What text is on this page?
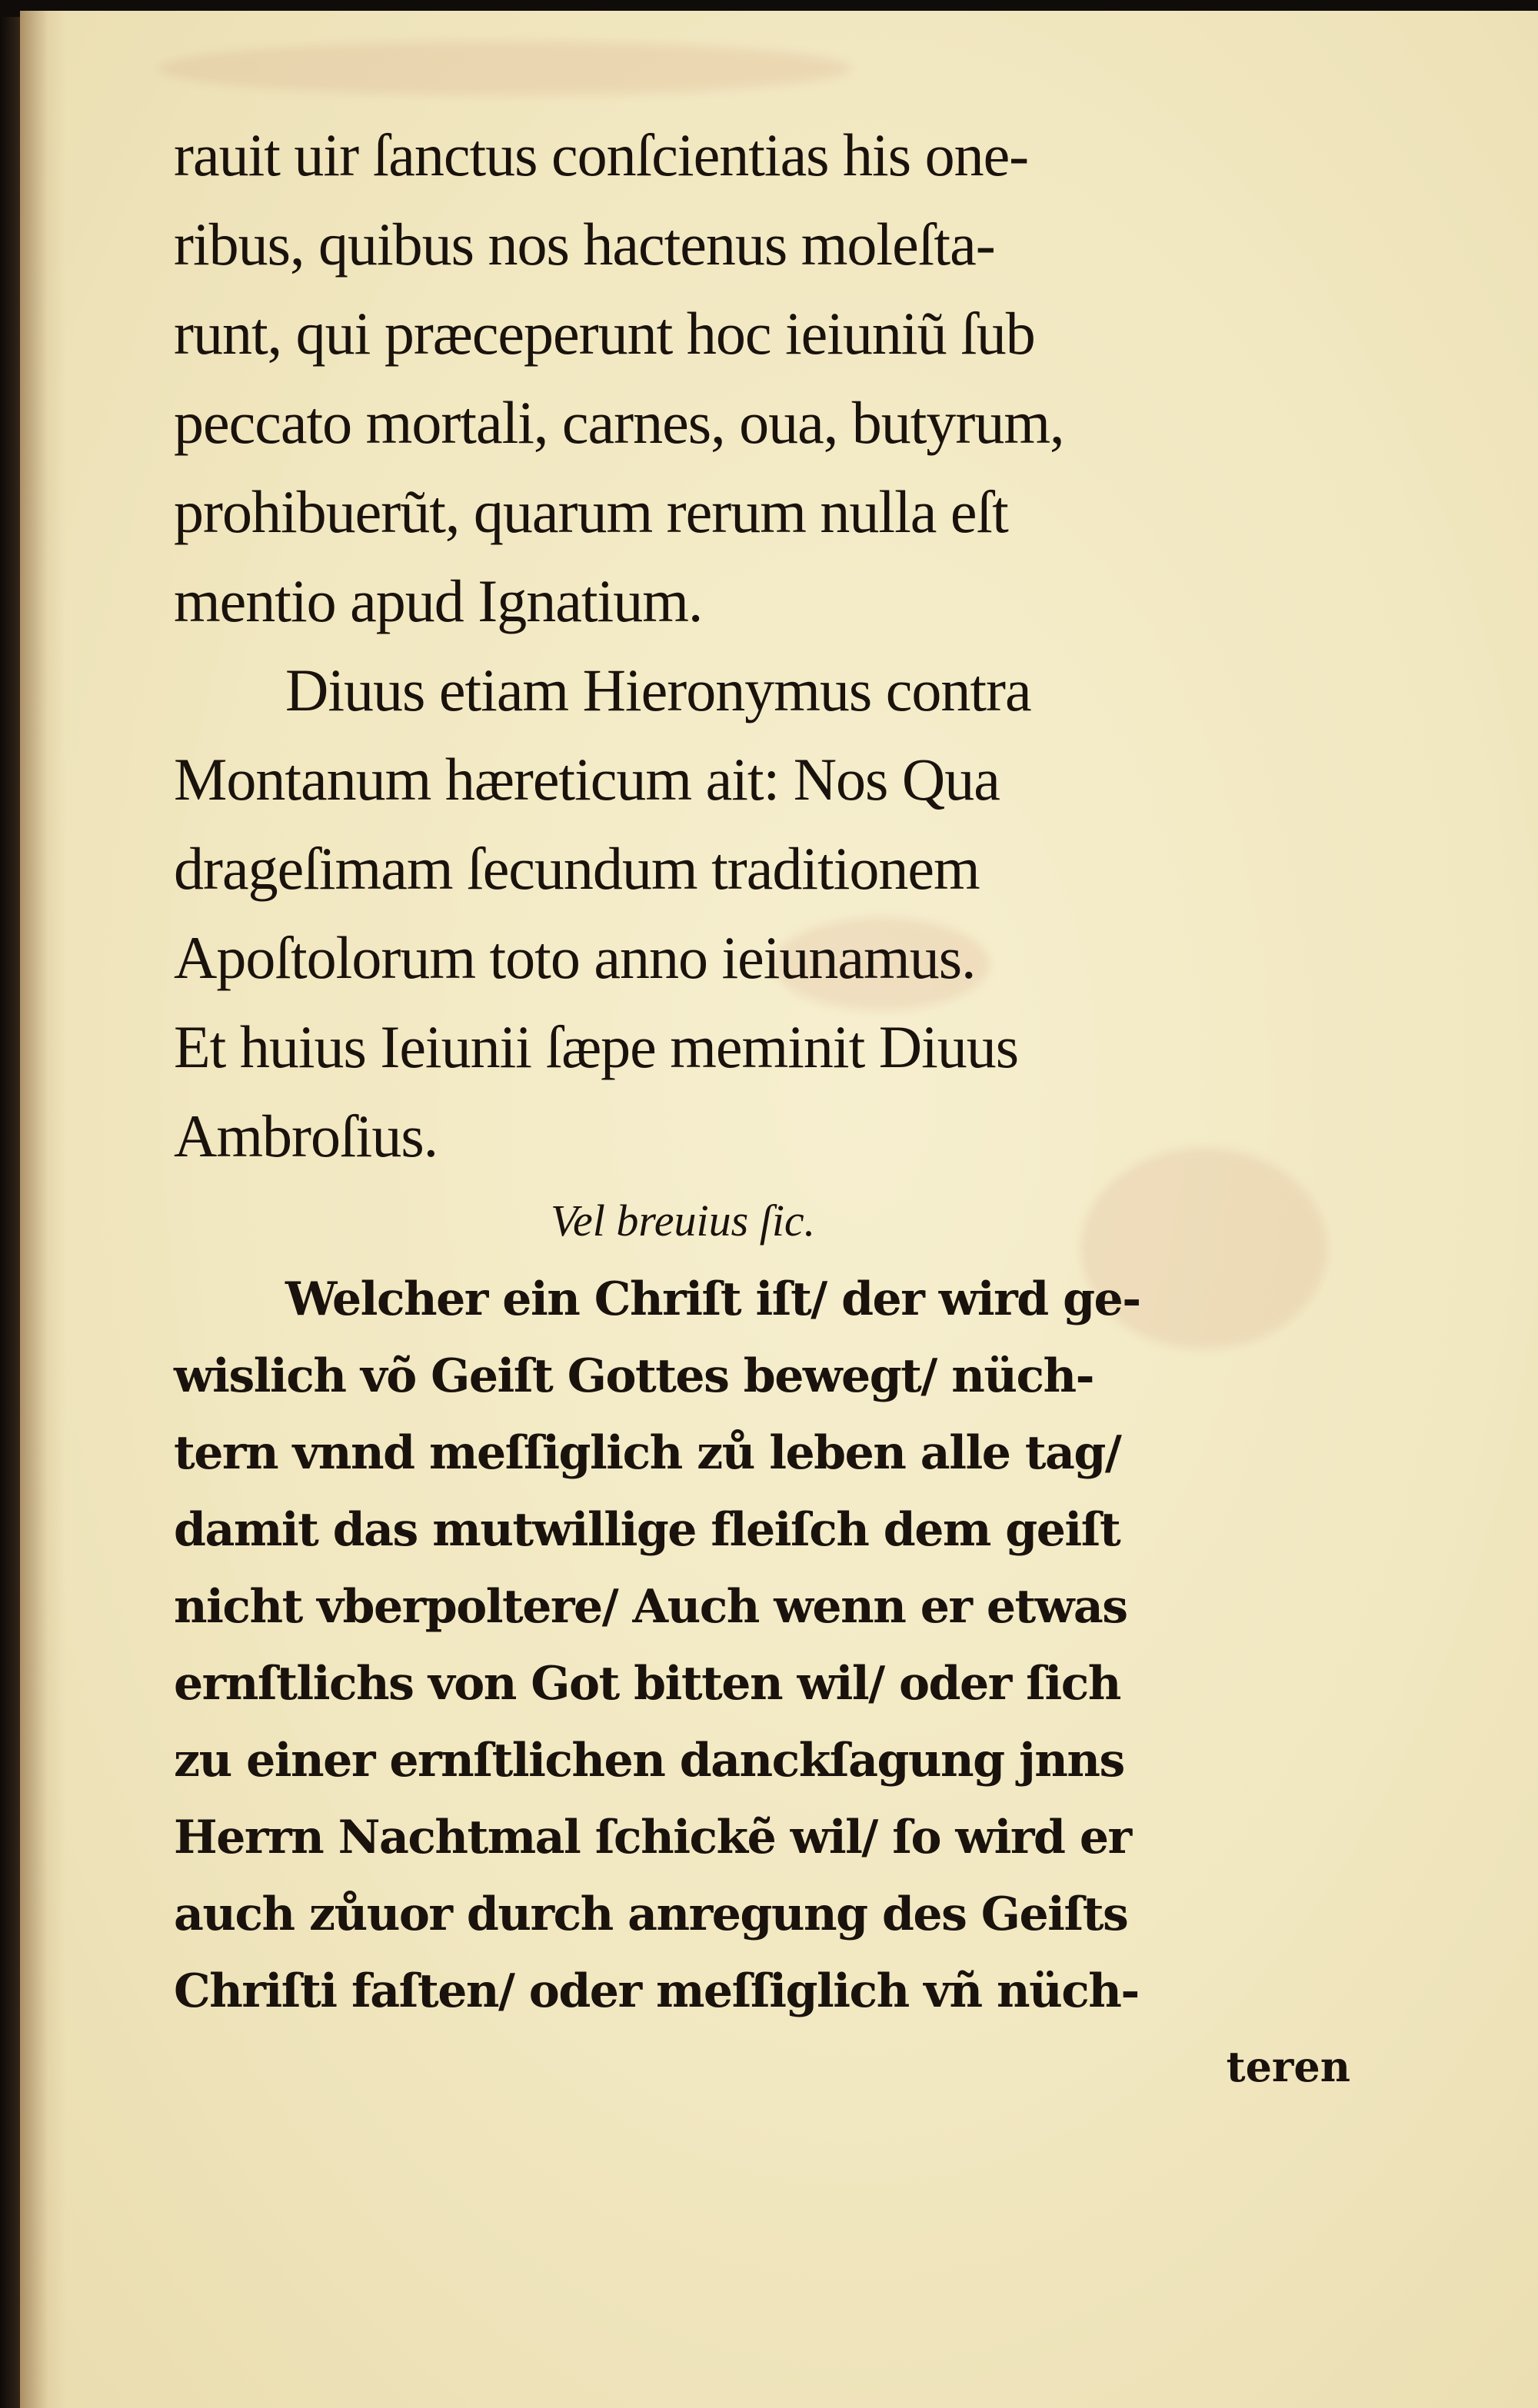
rauit uir ſanctus conſcientias his one-
ribus, quibus nos hactenus moleſta-
runt, qui præceperunt hoc ieiuniũ ſub
peccato mortali, carnes, oua, butyrum,
prohibuerũt, quarum rerum nulla eſt
mentio apud Ignatium.
Diuus etiam Hieronymus contra
Montanum hæreticum ait: Nos Qua
drageſimam ſecundum traditionem
Apoſtolorum toto anno ieiunamus.
Et huius Ieiunii ſæpe meminit Diuus
Ambroſius.
Vel breuius ſic.
Welcher ein Chriſt iſt/ der wird ge-
wislich võ Geiſt Gottes bewegt/ nüch-
tern vnnd meſſiglich zů leben alle tag/
damit das mutwillige fleiſch dem geiſt
nicht vberpoltere/ Auch wenn er etwas
ernſtlichs von Got bitten wil/ oder ſich
zu einer ernſtlichen danckſagung jnns
Herrn Nachtmal ſchickẽ wil/ ſo wird er
auch zůuor durch anregung des Geiſts
Chriſti faſten/ oder meſſiglich vñ nüch-
teren
